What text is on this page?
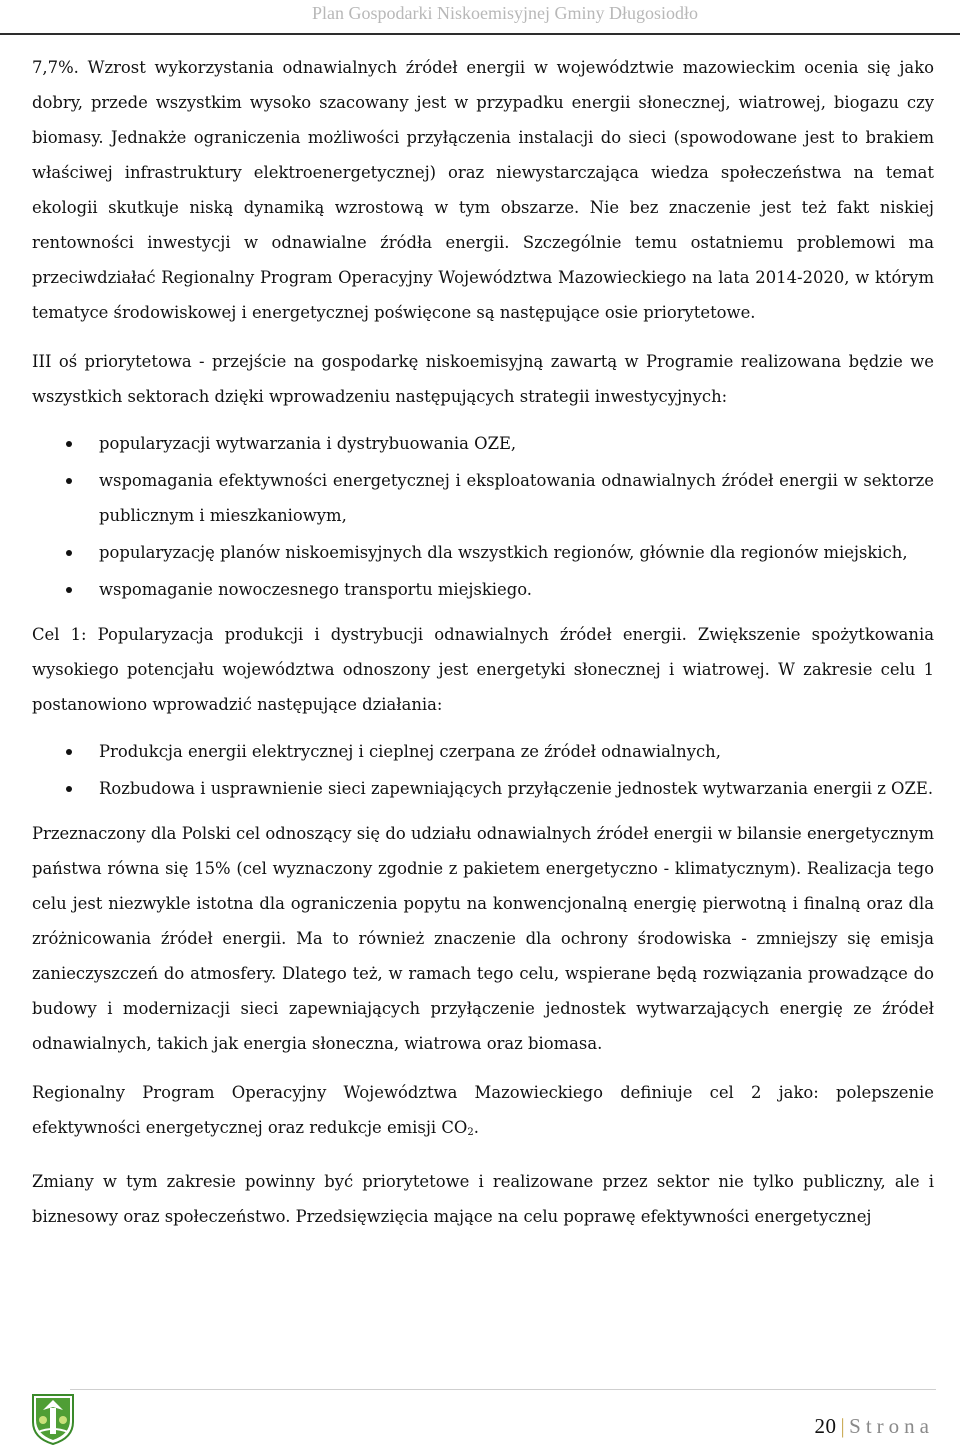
Plan Gospodarki Niskoemisyjnej Gminy Długosiodło

7,7%. Wzrost wykorzystania odnawialnych źródeł energii w województwie mazowieckim ocenia się jako dobry, przede wszystkim wysoko szacowany jest w przypadku energii słonecznej, wiatrowej, biogazu czy biomasy. Jednakże ograniczenia możliwości przyłączenia instalacji do sieci (spowodowane jest to brakiem właściwej infrastruktury elektroenergetycznej) oraz niewystarczająca wiedza społeczeństwa na temat ekologii skutkuje niską dynamiką wzrostową w tym obszarze. Nie bez znaczenie jest też fakt niskiej rentowności inwestycji w odnawialne źródła energii. Szczególnie temu ostatniemu problemowi ma przeciwdziałać Regionalny Program Operacyjny Województwa Mazowieckiego na lata 2014-2020, w którym tematyce środowiskowej i energetycznej poświęcone są następujące osie priorytetowe.

III oś priorytetowa - przejście na gospodarkę niskoemisyjną zawartą w Programie realizowana będzie we wszystkich sektorach dzięki wprowadzeniu następujących strategii inwestycyjnych:

popularyzacji wytwarzania i dystrybuowania OZE,
wspomagania efektywności energetycznej i eksploatowania odnawialnych źródeł energii w sektorze publicznym i mieszkaniowym,
popularyzację planów niskoemisyjnych dla wszystkich regionów, głównie dla regionów miejskich,
wspomaganie nowoczesnego transportu miejskiego.

Cel 1: Popularyzacja produkcji i dystrybucji odnawialnych źródeł energii. Zwiększenie spożytkowania wysokiego potencjału województwa odnoszony jest energetyki słonecznej i wiatrowej. W zakresie celu 1 postanowiono wprowadzić następujące działania:

Produkcja energii elektrycznej i cieplnej czerpana ze źródeł odnawialnych,
Rozbudowa i usprawnienie sieci zapewniających przyłączenie jednostek wytwarzania energii z OZE.

Przeznaczony dla Polski cel odnoszący się do udziału odnawialnych źródeł energii w bilansie energetycznym państwa równa się 15% (cel wyznaczony zgodnie z pakietem energetyczno - klimatycznym). Realizacja tego celu jest niezwykle istotna dla ograniczenia popytu na konwencjonalną energię pierwotną i finalną oraz dla zróżnicowania źródeł energii. Ma to również znaczenie dla ochrony środowiska - zmniejszy się emisja zanieczyszczeń do atmosfery. Dlatego też, w ramach tego celu, wspierane będą rozwiązania prowadzące do budowy i modernizacji sieci zapewniających przyłączenie jednostek wytwarzających energię ze źródeł odnawialnych, takich jak energia słoneczna, wiatrowa oraz biomasa.

Regionalny Program Operacyjny Województwa Mazowieckiego definiuje cel 2 jako: polepszenie efektywności energetycznej oraz redukcje emisji $CO_2$.

Zmiany w tym zakresie powinny być priorytetowe i realizowane przez sektor nie tylko publiczny, ale i biznesowy oraz społeczeństwo. Przedsięwzięcia mające na celu poprawę efektywności energetycznej

20 | Strona
